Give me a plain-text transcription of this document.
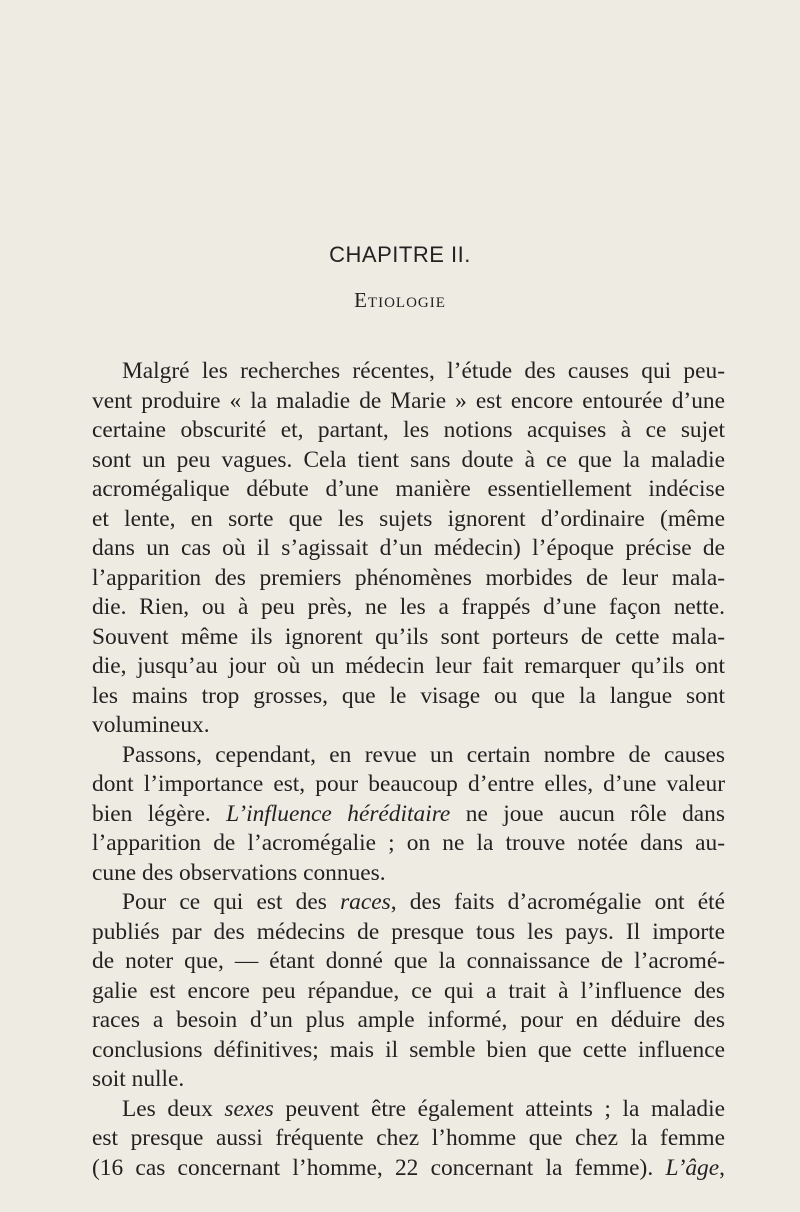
CHAPITRE II.
Etiologie
Malgré les recherches récentes, l’étude des causes qui peu-
vent produire « la maladie de Marie » est encore entourée d’une
certaine obscurité et, partant, les notions acquises à ce sujet
sont un peu vagues. Cela tient sans doute à ce que la maladie
acromégalique débute d’une manière essentiellement indécise
et lente, en sorte que les sujets ignorent d’ordinaire (même
dans un cas où il s’agissait d’un médecin) l’époque précise de
l’apparition des premiers phénomènes morbides de leur mala-
die. Rien, ou à peu près, ne les a frappés d’une façon nette.
Souvent même ils ignorent qu’ils sont porteurs de cette mala-
die, jusqu’au jour où un médecin leur fait remarquer qu’ils ont
les mains trop grosses, que le visage ou que la langue sont
volumineux.
Passons, cependant, en revue un certain nombre de causes
dont l’importance est, pour beaucoup d’entre elles, d’une valeur
bien légère. L’influence héréditaire ne joue aucun rôle dans
l’apparition de l’acromégalie ; on ne la trouve notée dans au-
cune des observations connues.
Pour ce qui est des races, des faits d’acromégalie ont été
publiés par des médecins de presque tous les pays. Il importe
de noter que, — étant donné que la connaissance de l’acromé-
galie est encore peu répandue, ce qui a trait à l’influence des
races a besoin d’un plus ample informé, pour en déduire des
conclusions définitives; mais il semble bien que cette influence
soit nulle.
Les deux sexes peuvent être également atteints ; la maladie
est presque aussi fréquente chez l’homme que chez la femme
(16 cas concernant l’homme, 22 concernant la femme). L’âge,
